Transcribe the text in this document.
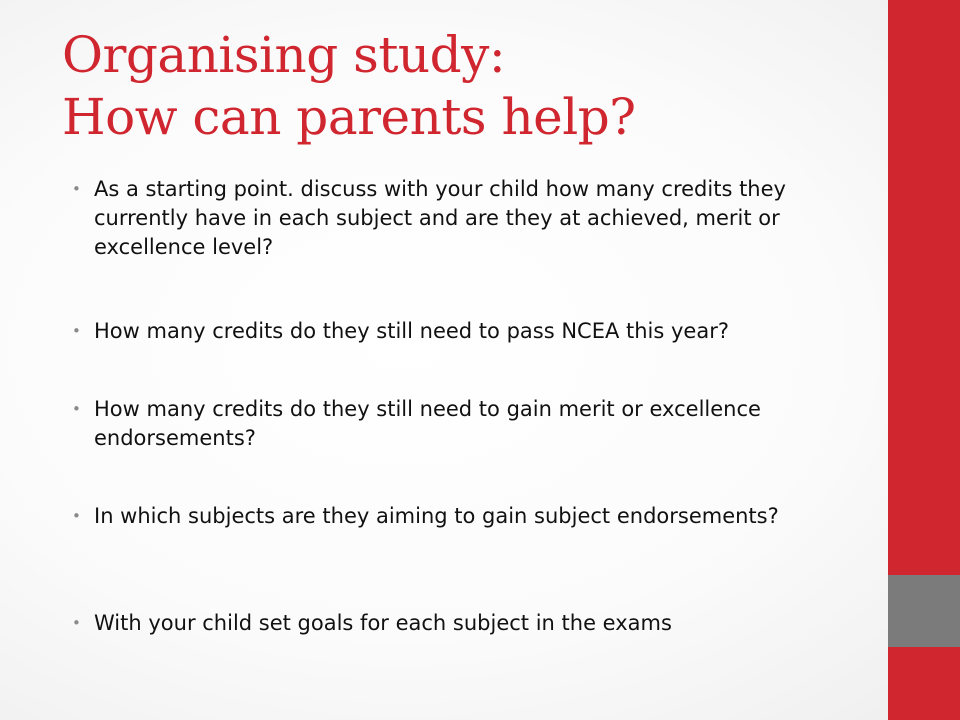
Organising study:
How can parents help?
• As a starting point. discuss with your child how many credits they currently have in each subject and are they at achieved, merit or excellence level?
• How many credits do they still need to pass NCEA this year?
• How many credits do they still need to gain merit or excellence endorsements?
• In which subjects are they aiming to gain subject endorsements?
• With your child set goals for each subject in the exams
